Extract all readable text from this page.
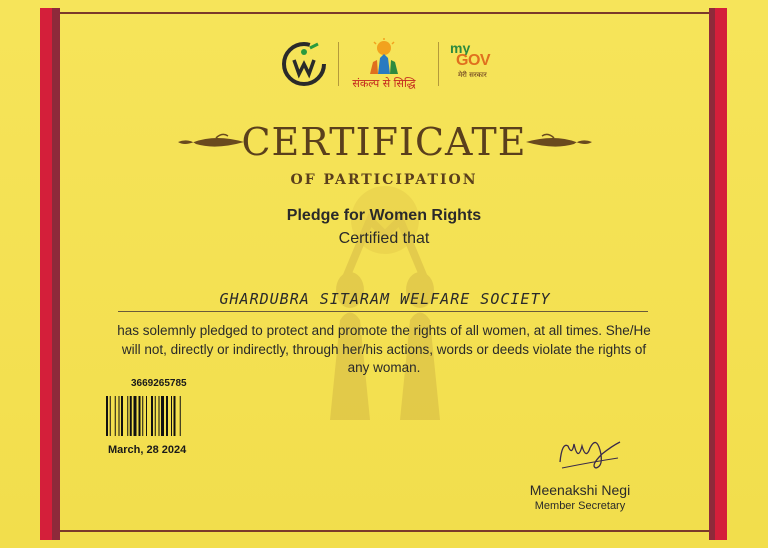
संकल्प से सिद्धि
my
GOV
मेरी सरकार
CERTIFICATE
OF PARTICIPATION
Pledge for Women Rights
Certified that
GHARDUBRA SITARAM WELFARE SOCIETY
has solemnly pledged to protect and promote the rights of all women, at all times. She/He will not, directly or indirectly, through her/his actions, words or deeds violate the rights of any woman.
3669265785
March, 28 2024
Meenakshi Negi
Member Secretary
